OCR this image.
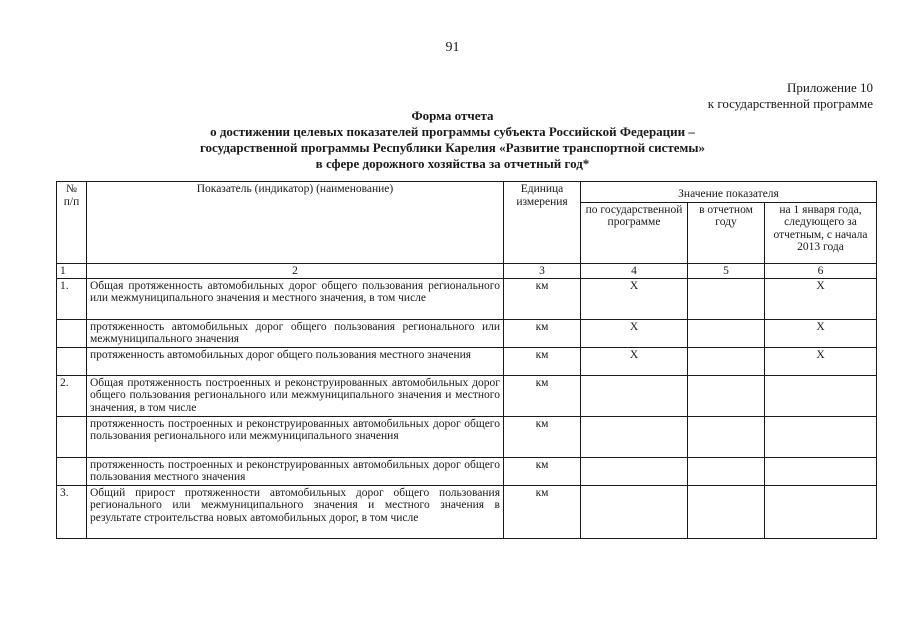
91
Приложение 10
к государственной программе
Форма отчета
о достижении целевых показателей программы субъекта Российской Федерации –
государственной программы Республики Карелия «Развитие транспортной системы»
в сфере дорожного хозяйства за отчетный год*
№ п/п	Показатель (индикатор) (наименование)	Единица измерения	Значение показателя		
			по государственной программе	в отчетном году	на 1 января года, следующего за отчетным, с начала 2013 года
1	2	3	4	5	6
1.	Общая протяженность автомобильных дорог общего пользования регионального или межмуниципального значения и местного значения, в том числе	км	X		X
	протяженность автомобильных дорог общего пользования регионального или межмуниципального значения	км	X		X
	протяженность автомобильных дорог общего пользования местного значения	км	X		X
2.	Общая протяженность построенных и реконструированных автомобильных дорог общего пользования регионального или межмуниципального значения и местного значения, в том числе	км			
	протяженность построенных и реконструированных автомобильных дорог общего пользования регионального или межмуниципального значения	км			
	протяженность построенных и реконструированных автомобильных дорог общего пользования местного значения	км			
3.	Общий прирост протяженности автомобильных дорог общего пользования регионального или межмуниципального значения и местного значения в результате строительства новых автомобильных дорог, в том числе	км			
